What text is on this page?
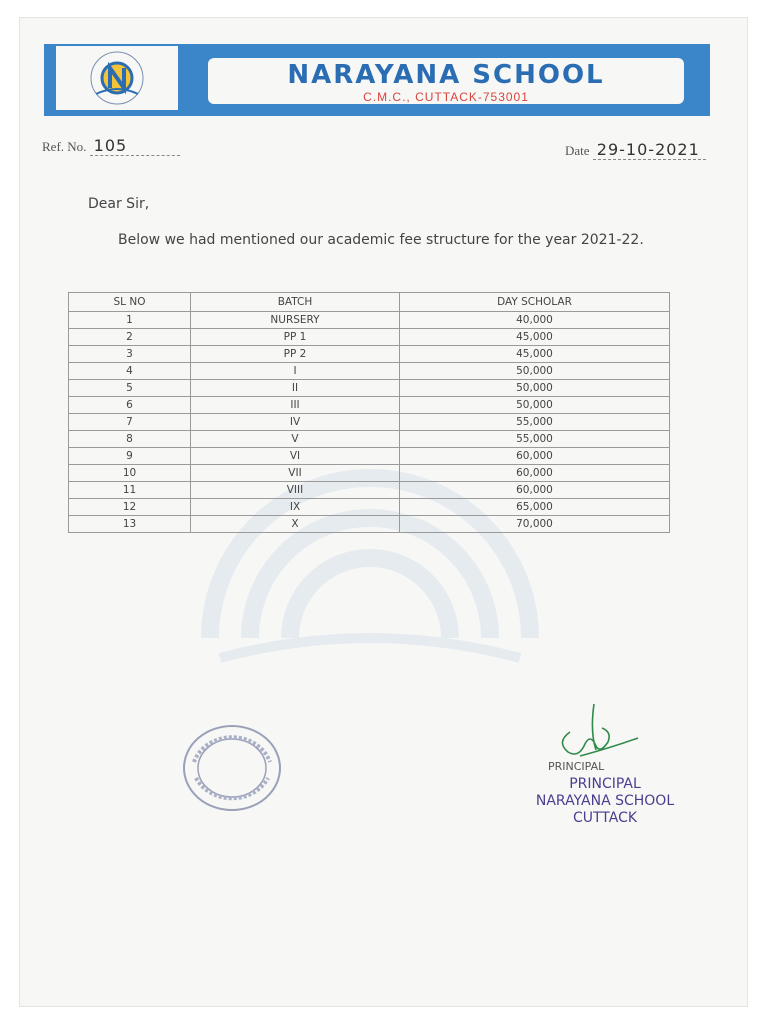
NARAYANA SCHOOL
C.M.C., CUTTACK-753001
Ref. No. 105	Date 29-10-2021
Dear Sir,
Below we had mentioned our academic fee structure for the year 2021-22.
SL NO	BATCH	DAY SCHOLAR
1	NURSERY	40,000
2	PP 1	45,000
3	PP 2	45,000
4	I	50,000
5	II	50,000
6	III	50,000
7	IV	55,000
8	V	55,000
9	VI	60,000
10	VII	60,000
11	VIII	60,000
12	IX	65,000
13	X	70,000
PRINCIPAL
PRINCIPAL
NARAYANA SCHOOL
CUTTACK
